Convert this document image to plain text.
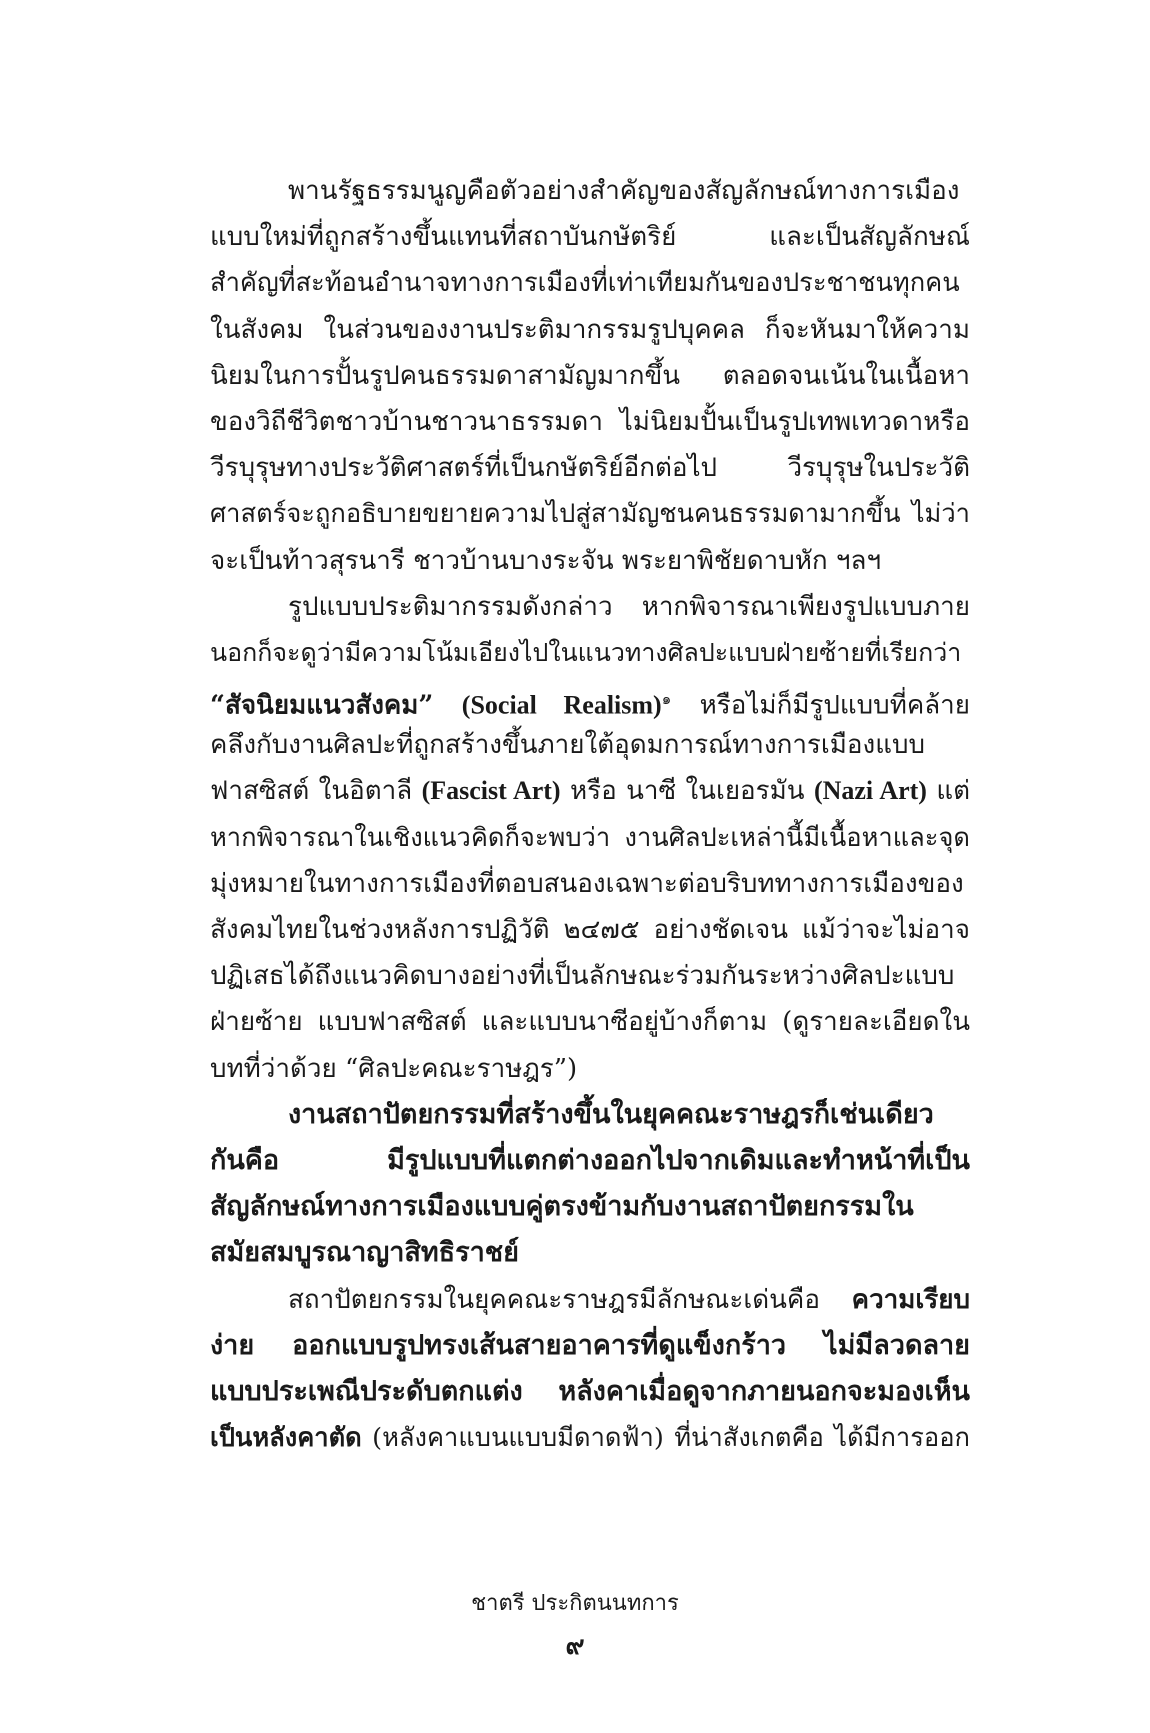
พานรัฐธรรมนูญคือตัวอย่างสำคัญของสัญลักษณ์ทางการเมือง
แบบใหม่ที่ถูกสร้างขึ้นแทนที่สถาบันกษัตริย์ และเป็นสัญลักษณ์
สำคัญที่สะท้อนอำนาจทางการเมืองที่เท่าเทียมกันของประชาชนทุกคน
ในสังคม ในส่วนของงานประติมากรรมรูปบุคคล ก็จะหันมาให้ความ
นิยมในการปั้นรูปคนธรรมดาสามัญมากขึ้น ตลอดจนเน้นในเนื้อหา
ของวิถีชีวิตชาวบ้านชาวนาธรรมดา ไม่นิยมปั้นเป็นรูปเทพเทวดาหรือ
วีรบุรุษทางประวัติศาสตร์ที่เป็นกษัตริย์อีกต่อไป วีรบุรุษในประวัติ
ศาสตร์จะถูกอธิบายขยายความไปสู่สามัญชนคนธรรมดามากขึ้น ไม่ว่า
จะเป็นท้าวสุรนารี ชาวบ้านบางระจัน พระยาพิชัยดาบหัก ฯลฯ
รูปแบบประติมากรรมดังกล่าว หากพิจารณาเพียงรูปแบบภาย
นอกก็จะดูว่ามีความโน้มเอียงไปในแนวทางศิลปะแบบฝ่ายซ้ายที่เรียกว่า
“สัจนิยมแนวสังคม” (Social Realism)$^๑$ หรือไม่ก็มีรูปแบบที่คล้าย
คลึงกับงานศิลปะที่ถูกสร้างขึ้นภายใต้อุดมการณ์ทางการเมืองแบบ
ฟาสซิสต์ ในอิตาลี (Fascist Art) หรือ นาซี ในเยอรมัน (Nazi Art) แต่
หากพิจารณาในเชิงแนวคิดก็จะพบว่า งานศิลปะเหล่านี้มีเนื้อหาและจุด
มุ่งหมายในทางการเมืองที่ตอบสนองเฉพาะต่อบริบททางการเมืองของ
สังคมไทยในช่วงหลังการปฏิวัติ ๒๔๗๕ อย่างชัดเจน แม้ว่าจะไม่อาจ
ปฏิเสธได้ถึงแนวคิดบางอย่างที่เป็นลักษณะร่วมกันระหว่างศิลปะแบบ
ฝ่ายซ้าย แบบฟาสซิสต์ และแบบนาซีอยู่บ้างก็ตาม (ดูรายละเอียดใน
บทที่ว่าด้วย “ศิลปะคณะราษฎร”)
งานสถาปัตยกรรมที่สร้างขึ้นในยุคคณะราษฎรก็เช่นเดียว
กันคือ มีรูปแบบที่แตกต่างออกไปจากเดิมและทำหน้าที่เป็น
สัญลักษณ์ทางการเมืองแบบคู่ตรงข้ามกับงานสถาปัตยกรรมใน
สมัยสมบูรณาญาสิทธิราชย์
สถาปัตยกรรมในยุคคณะราษฎรมีลักษณะเด่นคือ ความเรียบ
ง่าย ออกแบบรูปทรงเส้นสายอาคารที่ดูแข็งกร้าว ไม่มีลวดลาย
แบบประเพณีประดับตกแต่ง หลังคาเมื่อดูจากภายนอกจะมองเห็น
เป็นหลังคาตัด (หลังคาแบนแบบมีดาดฟ้า) ที่น่าสังเกตคือ ได้มีการออก
ชาตรี ประกิตนนทการ
๙
